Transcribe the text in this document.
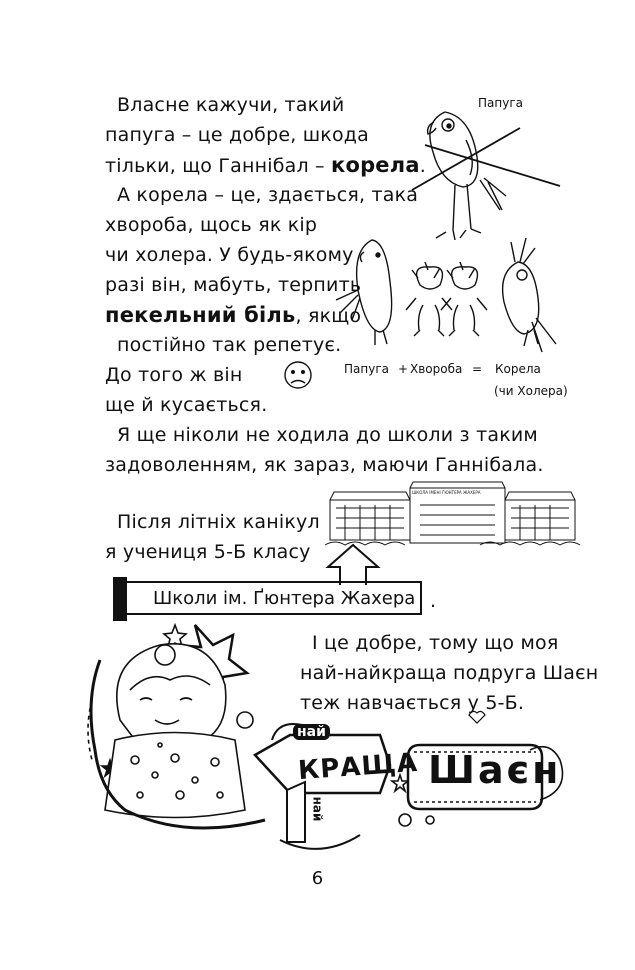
Власне кажучи, такий
папуга – це добре, шкода
тільки, що Ганнібал – корела.
А корела – це, здається, така
хвороба, щось як кір
чи холера. У будь-якому
разі він, мабуть, терпить
пекельний біль, якщо
постійно так репетує.
До того ж він
ще й кусається.
Папуга
Папуга + Хвороба = Корела
(чи Холера)
Я ще ніколи не ходила до школи з таким
задоволенням, як зараз, маючи Ганнібала.
Після літніх канікул
я учениця 5-Б класу
ШКОЛА ІМЕНІ ҐЮНТЕРА ЖАХЕРА
Школи ім. Ґюнтера Жахера .
І це добре, тому що моя
най-найкраща подруга Шаєн
теж навчається у 5-Б.
най
КРАЩА
най
Шаєн
6
